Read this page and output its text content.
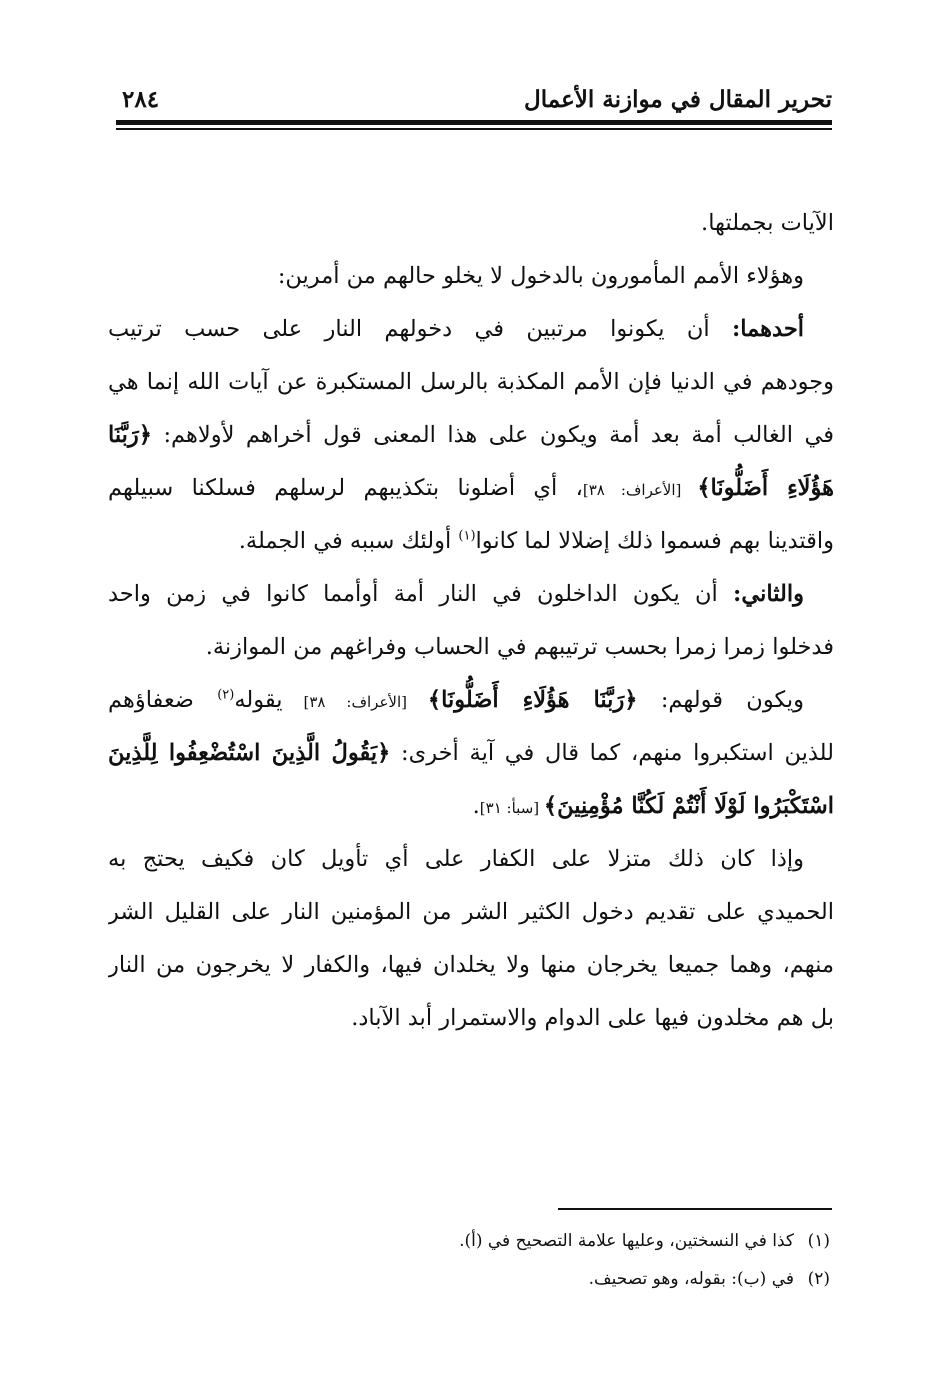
تحرير المقال في موازنة الأعمال
٢٨٤
الآيات بجملتها.
وهؤلاء الأمم المأمورون بالدخول لا يخلو حالهم من أمرين:
أحدهما: أن يكونوا مرتبين في دخولهم النار على حسب ترتيب
وجودهم في الدنيا فإن الأمم المكذبة بالرسل المستكبرة عن آيات الله إنما هي
في الغالب أمة بعد أمة ويكون على هذا المعنى قول أخراهم لأولاهم: ﴿رَبَّنَا
هَؤُلَاءِ أَضَلُّونَا﴾ [الأعراف: ٣٨]، أي أضلونا بتكذيبهم لرسلهم فسلكنا سبيلهم
واقتدينا بهم فسموا ذلك إضلالا لما كانوا$^{(١)}$ أولئك سببه في الجملة.
والثاني: أن يكون الداخلون في النار أمة أوأمما كانوا في زمن واحد
فدخلوا زمرا زمرا بحسب ترتيبهم في الحساب وفراغهم من الموازنة.
ويكون قولهم: ﴿رَبَّنَا هَؤُلَاءِ أَضَلُّونَا﴾ [الأعراف: ٣٨] يقوله$^{(٢)}$ ضعفاؤهم
للذين استكبروا منهم، كما قال في آية أخرى: ﴿يَقُولُ الَّذِينَ اسْتُضْعِفُوا لِلَّذِينَ
اسْتَكْبَرُوا لَوْلَا أَنْتُمْ لَكُنَّا مُؤْمِنِينَ﴾ [سبأ: ٣١].
وإذا كان ذلك متزلا على الكفار على أي تأويل كان فكيف يحتج به
الحميدي على تقديم دخول الكثير الشر من المؤمنين النار على القليل الشر
منهم، وهما جميعا يخرجان منها ولا يخلدان فيها، والكفار لا يخرجون من النار
بل هم مخلدون فيها على الدوام والاستمرار أبد الآباد.
(١)كذا في النسختين، وعليها علامة التصحيح في (أ).
(٢)في (ب): بقوله، وهو تصحيف.
